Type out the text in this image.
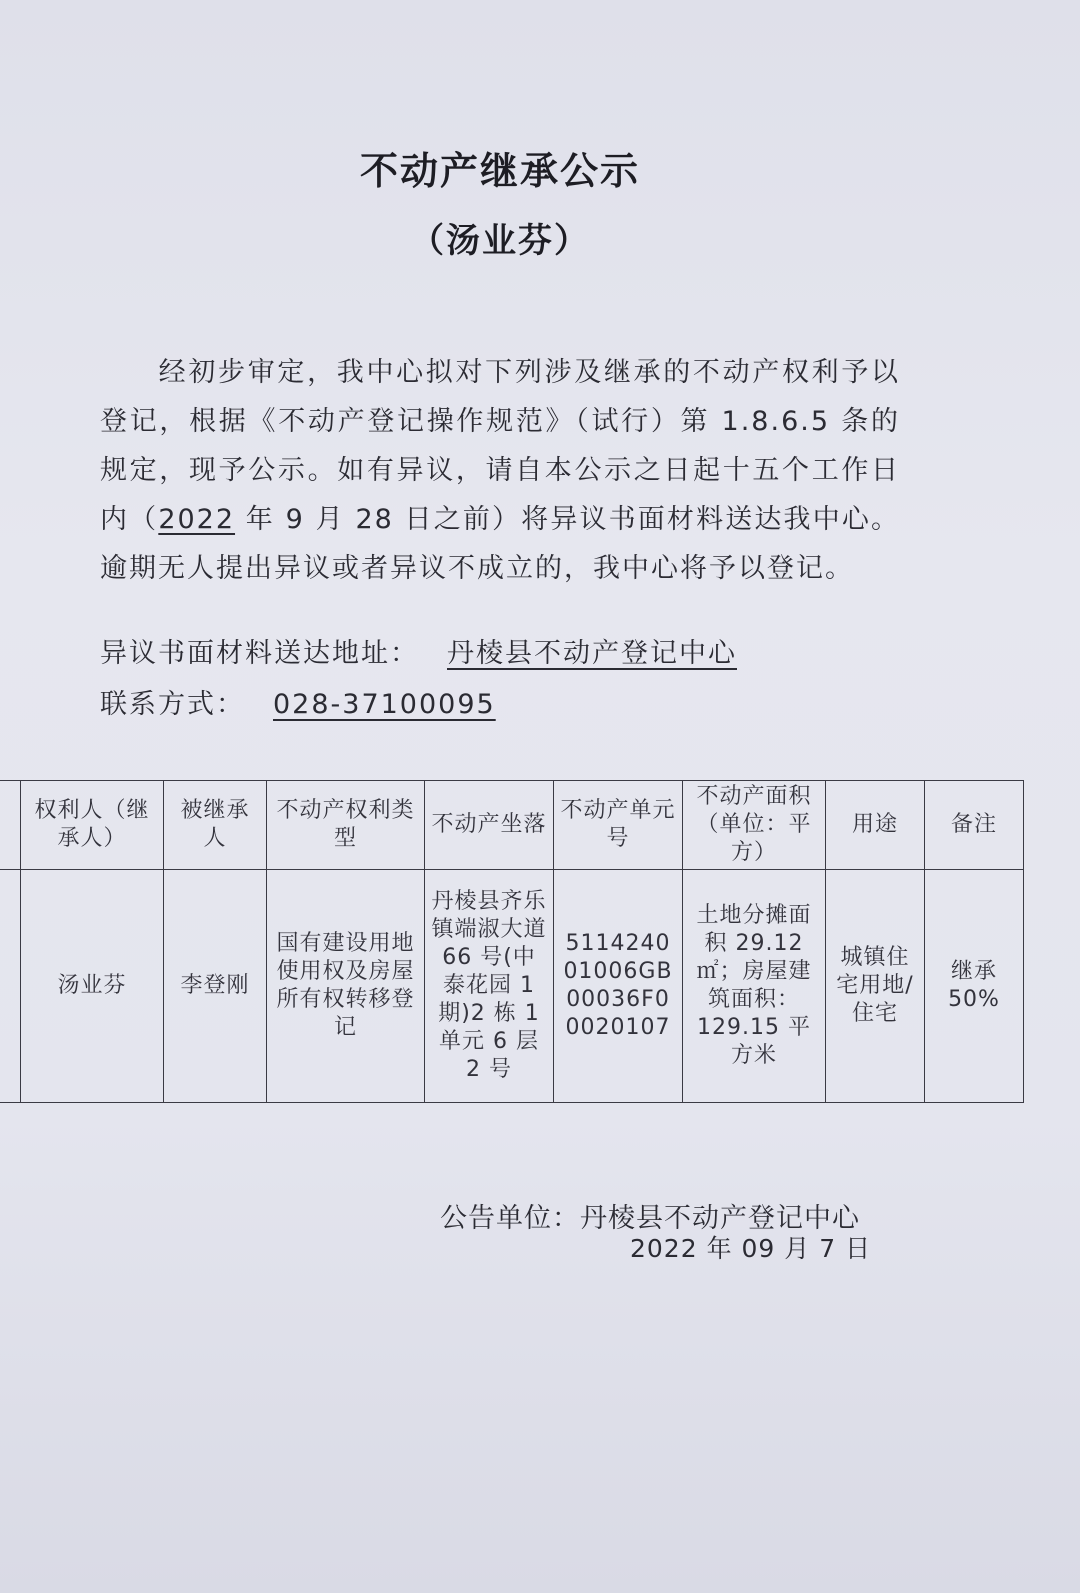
不动产继承公示
（汤业芬）
经初步审定，我中心拟对下列涉及继承的不动产权利予以登记，根据《不动产登记操作规范》（试行）第 1.8.6.5 条的规定，现予公示。如有异议，请自本公示之日起十五个工作日内（2022 年 9 月 28 日之前）将异议书面材料送达我中心。逾期无人提出异议或者异议不成立的，我中心将予以登记。
异议书面材料送达地址： 丹棱县不动产登记中心
联系方式： 028-37100095
	权利人（继承人）	被继承人	不动产权利类型	不动产坐落	不动产单元号	不动产面积（单位：平方）	用途	备注
	汤业芬	李登刚	国有建设用地使用权及房屋所有权转移登记	丹棱县齐乐镇端淑大道 66 号(中泰花园 1 期)2 栋 1 单元 6 层 2 号	511424001006GB00036F00020107	土地分摊面积 29.12 ㎡；房屋建筑面积：129.15 平方米	城镇住宅用地/住宅	继承 50%
公告单位：丹棱县不动产登记中心
2022 年 09 月 7 日
